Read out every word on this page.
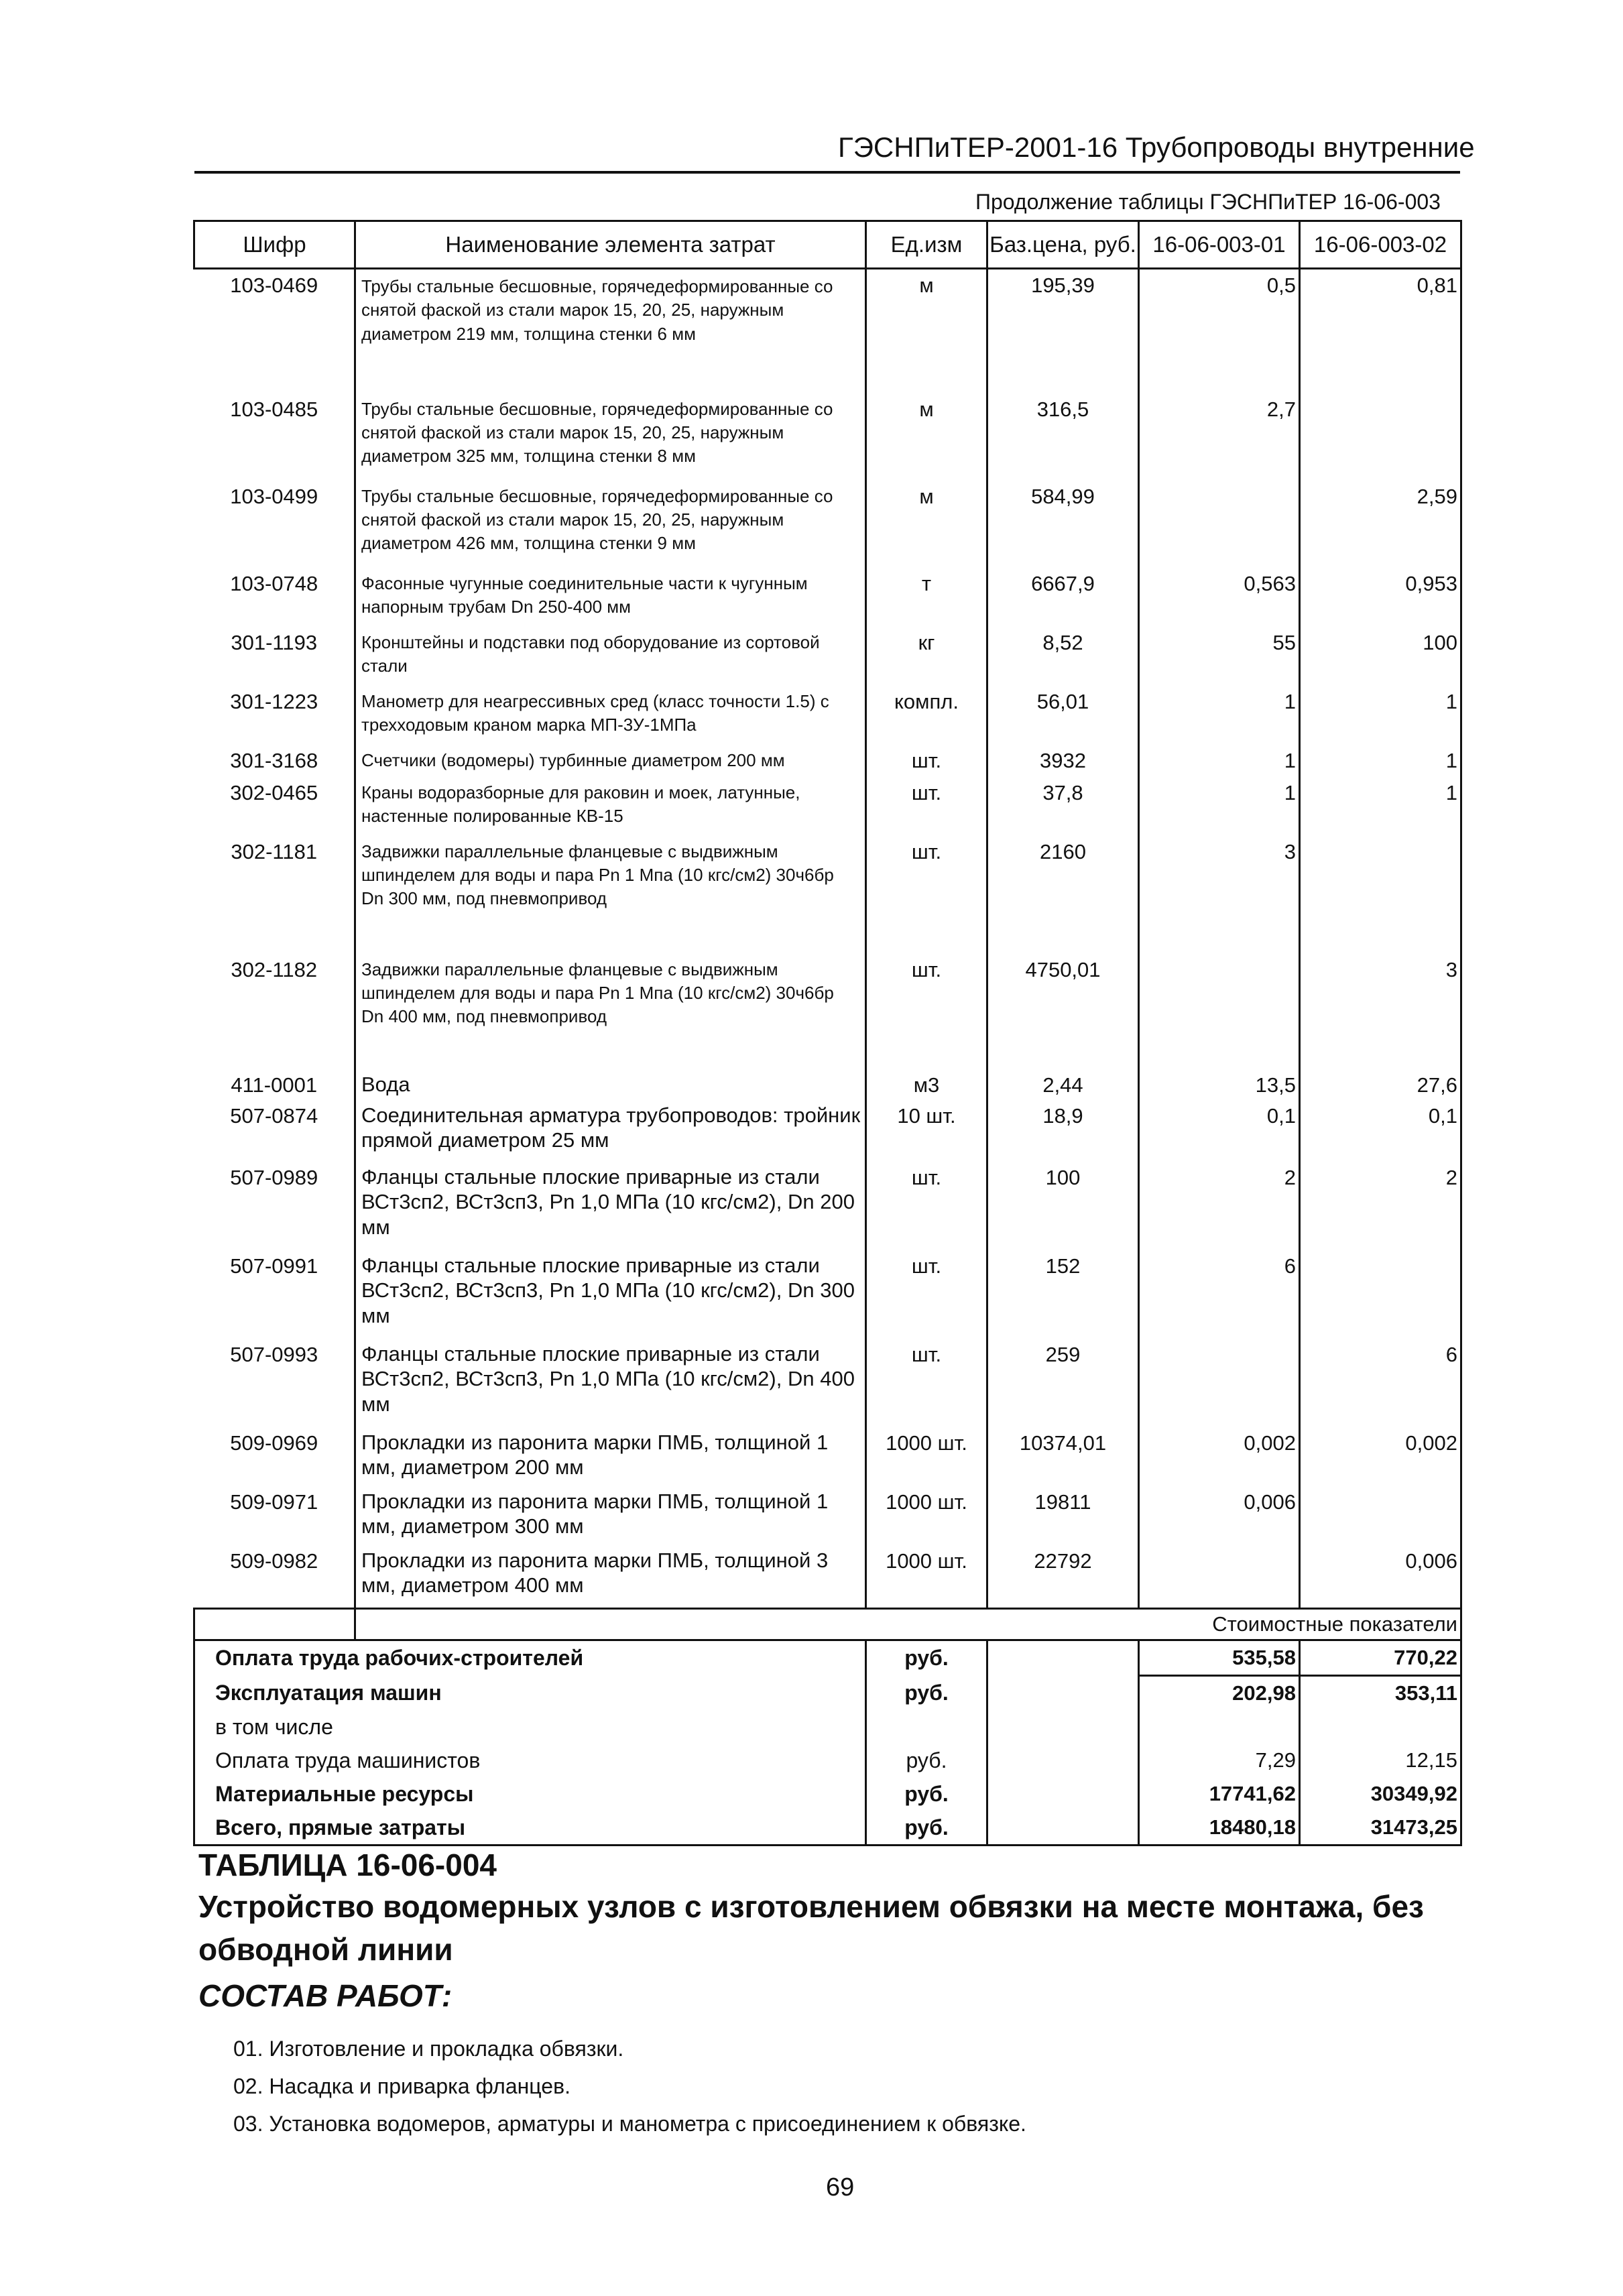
ГЭСНПиТЕР-2001-16 Трубопроводы внутренние
Продолжение таблицы ГЭСНПиТЕР 16-06-003
Шифр	Наименование элемента затрат	Ед.изм	Баз.цена, руб.	16-06-003-01	16-06-003-02
103-0469	Трубы стальные бесшовные, горячедеформированные со снятой фаской из стали марок 15, 20, 25, наружным диаметром 219 мм, толщина стенки 6 мм	м	195,39	0,5	0,81
103-0485	Трубы стальные бесшовные, горячедеформированные со снятой фаской из стали марок 15, 20, 25, наружным диаметром 325 мм, толщина стенки 8 мм	м	316,5	2,7	
103-0499	Трубы стальные бесшовные, горячедеформированные со снятой фаской из стали марок 15, 20, 25, наружным диаметром 426 мм, толщина стенки 9 мм	м	584,99		2,59
103-0748	Фасонные чугунные соединительные части к чугунным напорным трубам Dn 250-400 мм	т	6667,9	0,563	0,953
301-1193	Кронштейны и подставки под оборудование из сортовой стали	кг	8,52	55	100
301-1223	Манометр для неагрессивных сред (класс точности 1.5) с трехходовым краном марка МП-3У-1МПа	компл.	56,01	1	1
301-3168	Счетчики (водомеры) турбинные диаметром 200 мм	шт.	3932	1	1
302-0465	Краны водоразборные для раковин и моек, латунные, настенные полированные КВ-15	шт.	37,8	1	1
302-1181	Задвижки параллельные фланцевые с выдвижным шпинделем для воды и пара Pn 1 Мпа (10 кгс/см2) 30ч6бр Dn 300 мм, под пневмопривод	шт.	2160	3	
302-1182	Задвижки параллельные фланцевые с выдвижным шпинделем для воды и пара Pn 1 Мпа (10 кгс/см2) 30ч6бр Dn 400 мм, под пневмопривод	шт.	4750,01		3
411-0001	Вода	м3	2,44	13,5	27,6
507-0874	Соединительная арматура трубопроводов: тройник прямой диаметром 25 мм	10 шт.	18,9	0,1	0,1
507-0989	Фланцы стальные плоские приварные из стали ВСт3сп2, ВСт3сп3, Pn 1,0 МПа (10 кгс/см2), Dn 200 мм	шт.	100	2	2
507-0991	Фланцы стальные плоские приварные из стали ВСт3сп2, ВСт3сп3, Pn 1,0 МПа (10 кгс/см2), Dn 300 мм	шт.	152	6	
507-0993	Фланцы стальные плоские приварные из стали ВСт3сп2, ВСт3сп3, Pn 1,0 МПа (10 кгс/см2), Dn 400 мм	шт.	259		6
509-0969	Прокладки из паронита марки ПМБ, толщиной 1 мм, диаметром 200 мм	1000 шт.	10374,01	0,002	0,002
509-0971	Прокладки из паронита марки ПМБ, толщиной 1 мм, диаметром 300 мм	1000 шт.	19811	0,006	
509-0982	Прокладки из паронита марки ПМБ, толщиной 3 мм, диаметром 400 мм	1000 шт.	22792		0,006
	Стоимостные показатели				
Оплата труда рабочих-строителей		руб.		535,58	770,22
Эксплуатация машин		руб.		202,98	353,11
в том числе					
Оплата труда машинистов		руб.		7,29	12,15
Материальные ресурсы		руб.		17741,62	30349,92
Всего, прямые затраты		руб.		18480,18	31473,25
ТАБЛИЦА 16-06-004
Устройство водомерных узлов с изготовлением обвязки на месте монтажа, без обводной линии
СОСТАВ РАБОТ:
01. Изготовление и прокладка обвязки.
02. Насадка и приварка фланцев.
03. Установка водомеров, арматуры и манометра с присоединением к обвязке.
69
